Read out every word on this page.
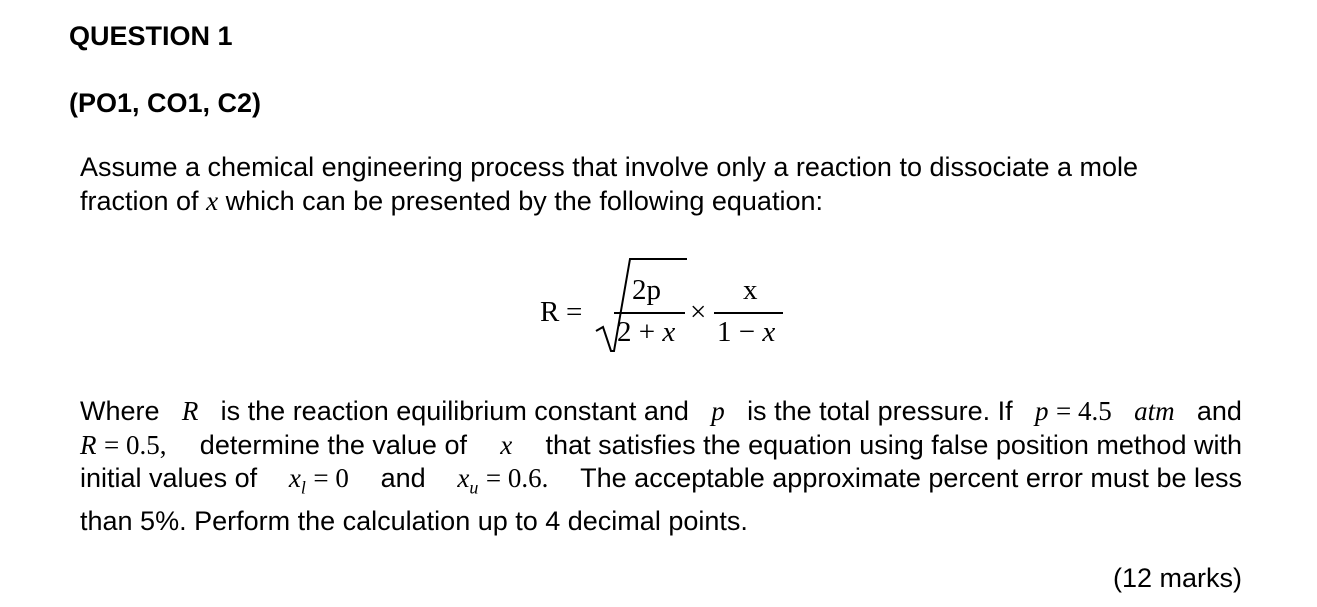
QUESTION 1
(PO1, CO1, C2)
Assume a chemical engineering process that involve only a reaction to dissociate a mole
fraction of x which can be presented by the following equation:
R =
2p
2 + x
×
x
1 − x
Where R is the reaction equilibrium constant and p is the total pressure. If p = 4.5 atm and
R = 0.5, determine the value of x that satisfies the equation using false position method with
initial values of $x_l = 0$ and $x_u = 0.6$. The acceptable approximate percent error must be less
than 5%. Perform the calculation up to 4 decimal points.
(12 marks)
